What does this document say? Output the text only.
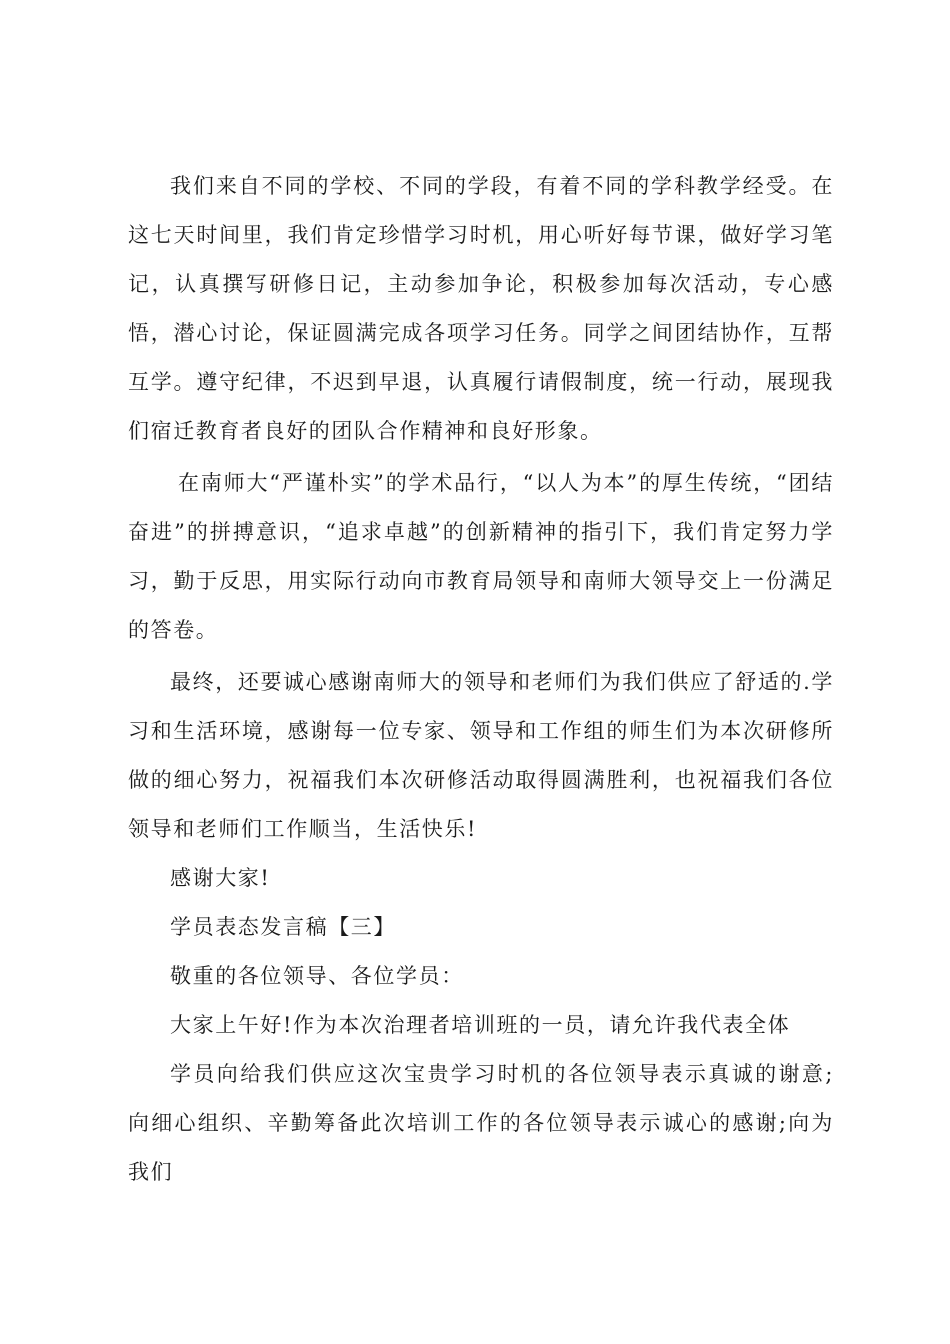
我们来自不同的学校、不同的学段，有着不同的学科教学经受。在这七天时间里，我们肯定珍惜学习时机，用心听好每节课，做好学习笔记，认真撰写研修日记，主动参加争论，积极参加每次活动，专心感悟，潜心讨论，保证圆满完成各项学习任务。同学之间团结协作，互帮互学。遵守纪律，不迟到早退，认真履行请假制度，统一行动，展现我们宿迁教育者良好的团队合作精神和良好形象。

在南师大“严谨朴实”的学术品行，“以人为本”的厚生传统，“团结奋进”的拼搏意识，“追求卓越”的创新精神的指引下，我们肯定努力学习，勤于反思，用实际行动向市教育局领导和南师大领导交上一份满足的答卷。

最终，还要诚心感谢南师大的领导和老师们为我们供应了舒适的.学习和生活环境，感谢每一位专家、领导和工作组的师生们为本次研修所做的细心努力，祝福我们本次研修活动取得圆满胜利，也祝福我们各位领导和老师们工作顺当，生活快乐!

感谢大家!

学员表态发言稿【三】

敬重的各位领导、各位学员：

大家上午好!作为本次治理者培训班的一员，请允许我代表全体

学员向给我们供应这次宝贵学习时机的各位领导表示真诚的谢意;向细心组织、辛勤筹备此次培训工作的各位领导表示诚心的感谢;向为我们
